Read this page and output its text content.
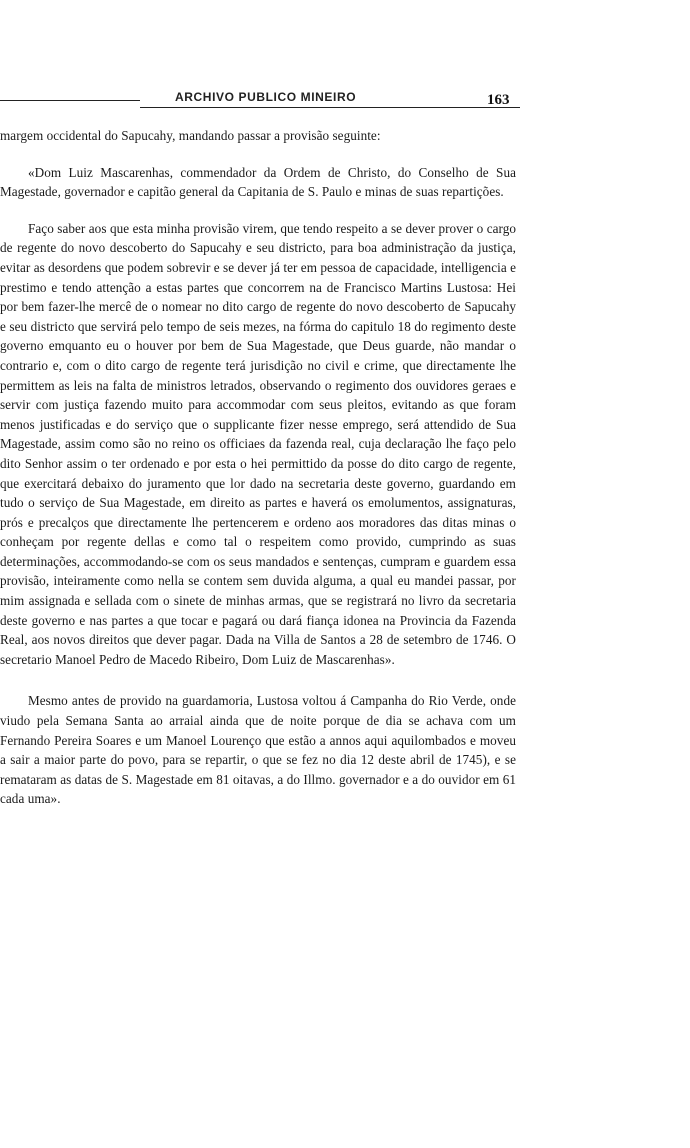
ARCHIVO PUBLICO MINEIRO	163

margem occidental do Sapucahy, mandando passar a provisão seguinte:

«Dom Luiz Mascarenhas, commendador da Ordem de Christo, do Conselho de Sua Magestade, governador e capitão general da Capitania de S. Paulo e minas de suas repartições.

Faço saber aos que esta minha provisão virem, que tendo respeito a se dever prover o cargo de regente do novo descoberto do Sapucahy e seu districto, para boa administração da justiça, evitar as desordens que podem sobrevir e se dever já ter em pessoa de capacidade, intelligencia e prestimo e tendo attenção a estas partes que concorrem na de Francisco Martins Lustosa: Hei por bem fazer-lhe mercê de o nomear no dito cargo de regente do novo descoberto de Sapucahy e seu districto que servirá pelo tempo de seis mezes, na fórma do capitulo 18 do regimento deste governo emquanto eu o houver por bem de Sua Magestade, que Deus guarde, não mandar o contrario e, com o dito cargo de regente terá jurisdição no civil e crime, que directamente lhe permittem as leis na falta de ministros letrados, observando o regimento dos ouvidores geraes e servir com justiça fazendo muito para accommodar com seus pleitos, evitando as que foram menos justificadas e do serviço que o supplicante fizer nesse emprego, será attendido de Sua Magestade, assim como são no reino os officiaes da fazenda real, cuja declaração lhe faço pelo dito Senhor assim o ter ordenado e por esta o hei permittido da posse do dito cargo de regente, que exercitará debaixo do juramento que lor dado na secretaria deste governo, guardando em tudo o serviço de Sua Magestade, em direito as partes e haverá os emolumentos, assignaturas, prós e precalços que directamente lhe pertencerem e ordeno aos moradores das ditas minas o conheçam por regente dellas e como tal o respeitem como provido, cumprindo as suas determinações, accommodando-se com os seus mandados e sentenças, cumpram e guardem essa provisão, inteiramente como nella se contem sem duvida alguma, a qual eu mandei passar, por mim assignada e sellada com o sinete de minhas armas, que se registrará no livro da secretaria deste governo e nas partes a que tocar e pagará ou dará fiança idonea na Provincia da Fazenda Real, aos novos direitos que dever pagar. Dada na Villa de Santos a 28 de setembro de 1746. O secretario Manoel Pedro de Macedo Ribeiro, Dom Luiz de Mascarenhas».

Mesmo antes de provido na guardamoria, Lustosa voltou á Campanha do Rio Verde, onde viudo pela Semana Santa ao arraial ainda que de noite porque de dia se achava com um Fernando Pereira Soares e um Manoel Lourenço que estão a annos aqui aquilombados e moveu a sair a maior parte do povo, para se repartir, o que se fez no dia 12 deste abril de 1745), e se remataram as datas de S. Magestade em 81 oitavas, a do Illmo. governador e a do ouvidor em 61 cada uma».
